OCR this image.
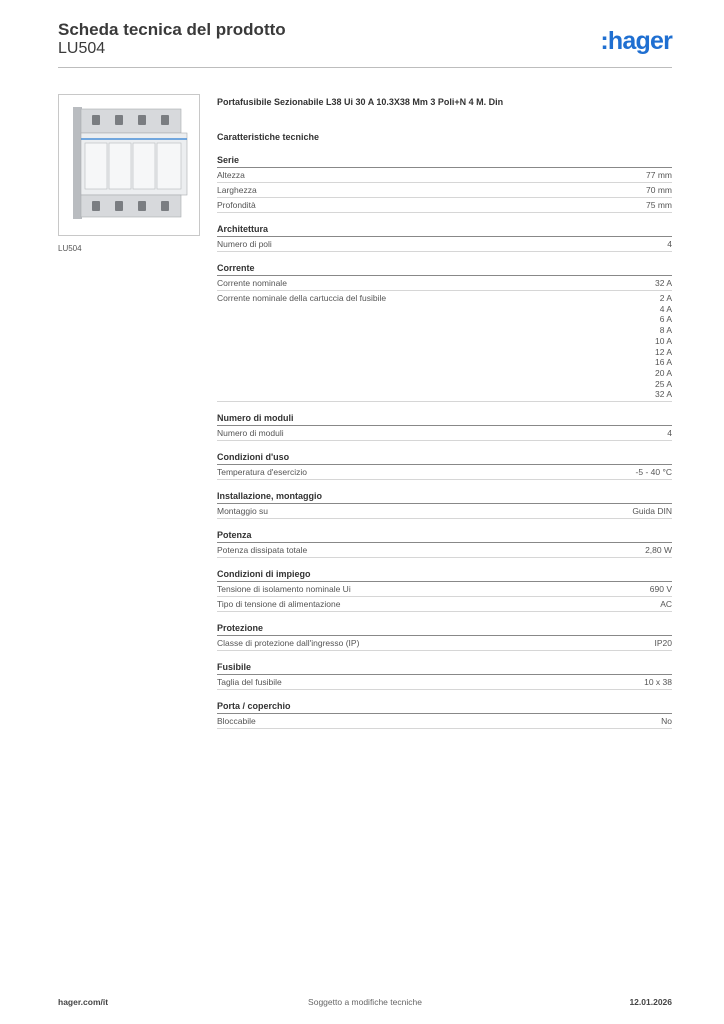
Scheda tecnica del prodotto
LU504	:hager
LU504
Portafusibile Sezionabile L38 Ui 30 A 10.3X38 Mm 3 Poli+N 4 M. Din
Caratteristiche tecniche
Serie
Altezza	77 mm
Larghezza	70 mm
Profondità	75 mm
Architettura
Numero di poli	4
Corrente
Corrente nominale	32 A
Corrente nominale della cartuccia del fusibile	2 A
4 A
6 A
8 A
10 A
12 A
16 A
20 A
25 A
32 A
Numero di moduli
Numero di moduli	4
Condizioni d'uso
Temperatura d'esercizio	-5 - 40 °C
Installazione, montaggio
Montaggio su	Guida DIN
Potenza
Potenza dissipata totale	2,80 W
Condizioni di impiego
Tensione di isolamento nominale Ui	690 V
Tipo di tensione di alimentazione	AC
Protezione
Classe di protezione dall'ingresso (IP)	IP20
Fusibile
Taglia del fusibile	10 x 38
Porta / coperchio
Bloccabile	No
hager.com/it	Soggetto a modifiche tecniche	12.01.2026
